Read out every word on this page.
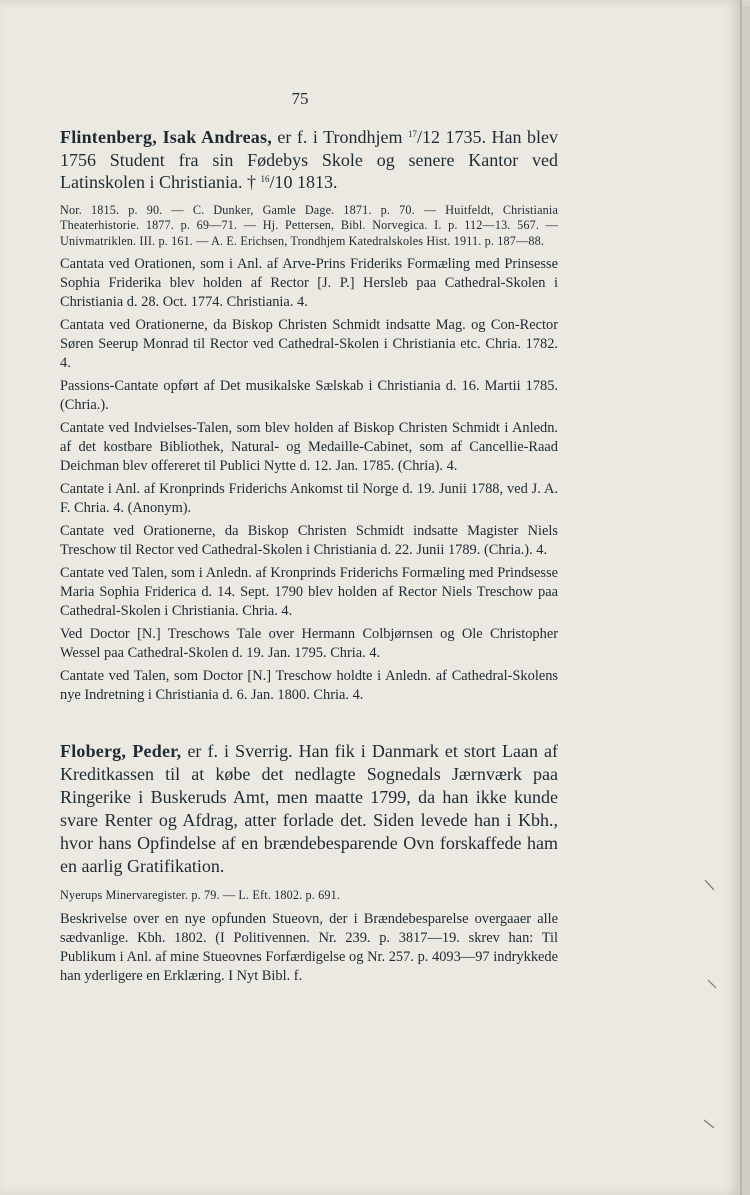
75
Flintenberg, Isak Andreas, er f. i Trondhjem $^{17}$/12 1735. Han blev 1756 Student fra sin Fødebys Skole og senere Kantor ved Latinskolen i Christiania. † $^{16}$/10 1813.
Nor. 1815. p. 90. — C. Dunker, Gamle Dage. 1871. p. 70. — Huitfeldt, Christiania Theaterhistorie. 1877. p. 69—71. — Hj. Pettersen, Bibl. Norvegica. I. p. 112—13. 567. — Univmatriklen. III. p. 161. — A. E. Erichsen, Trondhjem Katedralskoles Hist. 1911. p. 187—88.

Cantata ved Orationen, som i Anl. af Arve-Prins Frideriks Formæling med Prinsesse Sophia Friderika blev holden af Rector [J. P.] Hersleb paa Cathedral-Skolen i Christiania d. 28. Oct. 1774. Christiania. 4.

Cantata ved Orationerne, da Biskop Christen Schmidt indsatte Mag. og Con-Rector Søren Seerup Monrad til Rector ved Cathedral-Skolen i Christiania etc. Chria. 1782. 4.

Passions-Cantate opført af Det musikalske Sælskab i Christiania d. 16. Martii 1785. (Chria.).

Cantate ved Indvielses-Talen, som blev holden af Biskop Christen Schmidt i Anledn. af det kostbare Bibliothek, Natural- og Medaille-Cabinet, som af Cancellie-Raad Deichman blev offereret til Publici Nytte d. 12. Jan. 1785. (Chria). 4.

Cantate i Anl. af Kronprinds Friderichs Ankomst til Norge d. 19. Junii 1788, ved J. A. F. Chria. 4. (Anonym).

Cantate ved Orationerne, da Biskop Christen Schmidt indsatte Magister Niels Treschow til Rector ved Cathedral-Skolen i Christiania d. 22. Junii 1789. (Chria.). 4.

Cantate ved Talen, som i Anledn. af Kronprinds Friderichs Formæling med Prindsesse Maria Sophia Friderica d. 14. Sept. 1790 blev holden af Rector Niels Treschow paa Cathedral-Skolen i Christiania. Chria. 4.

Ved Doctor [N.] Treschows Tale over Hermann Colbjørnsen og Ole Christopher Wessel paa Cathedral-Skolen d. 19. Jan. 1795. Chria. 4.

Cantate ved Talen, som Doctor [N.] Treschow holdte i Anledn. af Cathedral-Skolens nye Indretning i Christiania d. 6. Jan. 1800. Chria. 4.

Floberg, Peder, er f. i Sverrig. Han fik i Danmark et stort Laan af Kreditkassen til at købe det nedlagte Sognedals Jærnværk paa Ringerike i Buskeruds Amt, men maatte 1799, da han ikke kunde svare Renter og Afdrag, atter forlade det. Siden levede han i Kbh., hvor hans Opfindelse af en brændebesparende Ovn forskaffede ham en aarlig Gratifikation.
Nyerups Minervaregister. p. 79. — L. Eft. 1802. p. 691.

Beskrivelse over en nye opfunden Stueovn, der i Brændebesparelse overgaaer alle sædvanlige. Kbh. 1802. (I Politivennen. Nr. 239. p. 3817—19. skrev han: Til Publikum i Anl. af mine Stueovnes Forfærdigelse og Nr. 257. p. 4093—97 indrykkede han yderligere en Erklæring. I Nyt Bibl. f.
